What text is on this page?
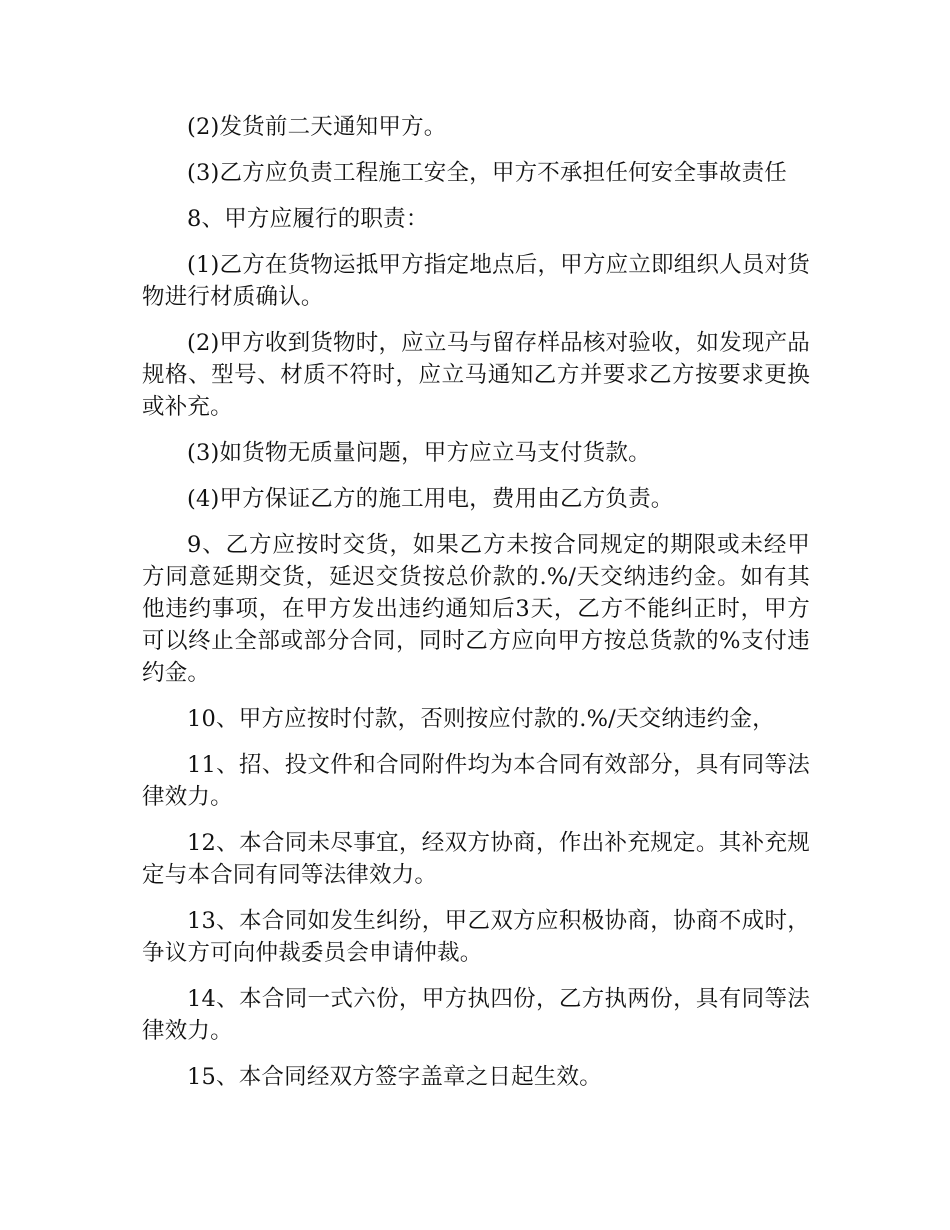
(2)发货前二天通知甲方。

(3)乙方应负责工程施工安全，甲方不承担任何安全事故责任

8、甲方应履行的职责：

(1)乙方在货物运抵甲方指定地点后，甲方应立即组织人员对货物进行材质确认。

(2)甲方收到货物时，应立马与留存样品核对验收，如发现产品规格、型号、材质不符时，应立马通知乙方并要求乙方按要求更换或补充。

(3)如货物无质量问题，甲方应立马支付货款。

(4)甲方保证乙方的施工用电，费用由乙方负责。

9、乙方应按时交货，如果乙方未按合同规定的期限或未经甲方同意延期交货，延迟交货按总价款的.%/天交纳违约金。如有其他违约事项，在甲方发出违约通知后3天，乙方不能纠正时，甲方可以终止全部或部分合同，同时乙方应向甲方按总货款的%支付违约金。

10、甲方应按时付款，否则按应付款的.%/天交纳违约金，

11、招、投文件和合同附件均为本合同有效部分，具有同等法律效力。

12、本合同未尽事宜，经双方协商，作出补充规定。其补充规定与本合同有同等法律效力。

13、本合同如发生纠纷，甲乙双方应积极协商，协商不成时，争议方可向仲裁委员会申请仲裁。

14、本合同一式六份，甲方执四份，乙方执两份，具有同等法律效力。

15、本合同经双方签字盖章之日起生效。
